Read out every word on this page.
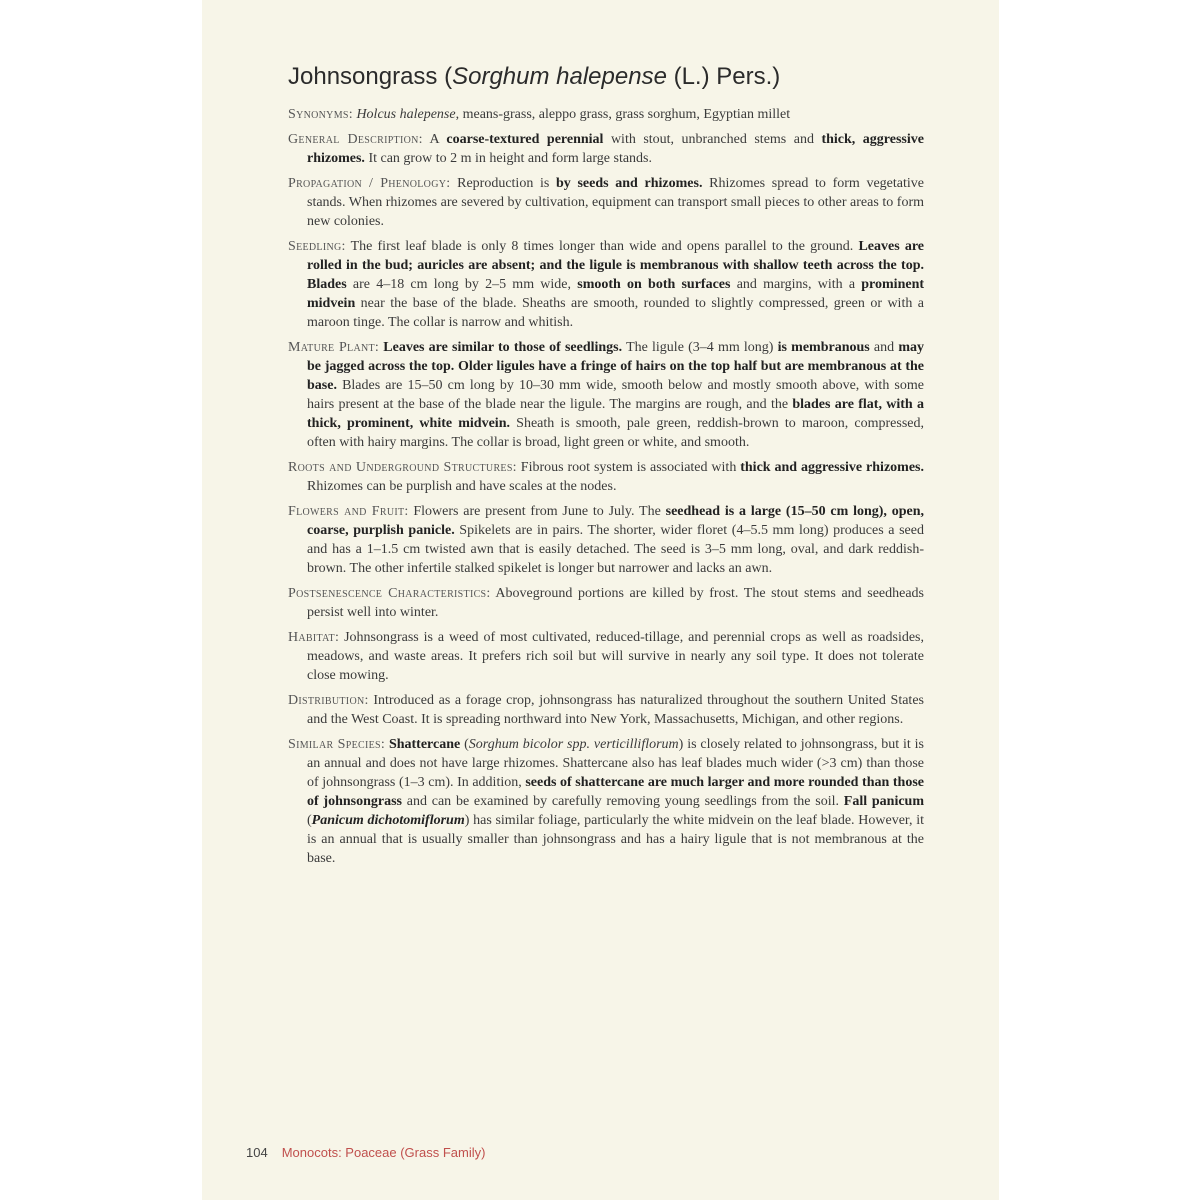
Johnsongrass (Sorghum halepense (L.) Pers.)

Synonyms: Holcus halepense, means-grass, aleppo grass, grass sorghum, Egyptian millet

General Description: A coarse-textured perennial with stout, unbranched stems and thick, aggressive rhizomes. It can grow to 2 m in height and form large stands.

Propagation / Phenology: Reproduction is by seeds and rhizomes. Rhizomes spread to form vegetative stands. When rhizomes are severed by cultivation, equipment can transport small pieces to other areas to form new colonies.

Seedling: The first leaf blade is only 8 times longer than wide and opens parallel to the ground. Leaves are rolled in the bud; auricles are absent; and the ligule is membranous with shallow teeth across the top. Blades are 4–18 cm long by 2–5 mm wide, smooth on both surfaces and margins, with a prominent midvein near the base of the blade. Sheaths are smooth, rounded to slightly compressed, green or with a maroon tinge. The collar is narrow and whitish.

Mature Plant: Leaves are similar to those of seedlings. The ligule (3–4 mm long) is membranous and may be jagged across the top. Older ligules have a fringe of hairs on the top half but are membranous at the base. Blades are 15–50 cm long by 10–30 mm wide, smooth below and mostly smooth above, with some hairs present at the base of the blade near the ligule. The margins are rough, and the blades are flat, with a thick, prominent, white midvein. Sheath is smooth, pale green, reddish-brown to maroon, compressed, often with hairy margins. The collar is broad, light green or white, and smooth.

Roots and Underground Structures: Fibrous root system is associated with thick and aggressive rhizomes. Rhizomes can be purplish and have scales at the nodes.

Flowers and Fruit: Flowers are present from June to July. The seedhead is a large (15–50 cm long), open, coarse, purplish panicle. Spikelets are in pairs. The shorter, wider floret (4–5.5 mm long) produces a seed and has a 1–1.5 cm twisted awn that is easily detached. The seed is 3–5 mm long, oval, and dark reddish-brown. The other infertile stalked spikelet is longer but narrower and lacks an awn.

Postsenescence Characteristics: Aboveground portions are killed by frost. The stout stems and seedheads persist well into winter.

Habitat: Johnsongrass is a weed of most cultivated, reduced-tillage, and perennial crops as well as roadsides, meadows, and waste areas. It prefers rich soil but will survive in nearly any soil type. It does not tolerate close mowing.

Distribution: Introduced as a forage crop, johnsongrass has naturalized throughout the southern United States and the West Coast. It is spreading northward into New York, Massachusetts, Michigan, and other regions.

Similar Species: Shattercane (Sorghum bicolor spp. verticilliflorum) is closely related to johnsongrass, but it is an annual and does not have large rhizomes. Shattercane also has leaf blades much wider (>3 cm) than those of johnsongrass (1–3 cm). In addition, seeds of shattercane are much larger and more rounded than those of johnsongrass and can be examined by carefully removing young seedlings from the soil. Fall panicum (Panicum dichotomiflorum) has similar foliage, particularly the white midvein on the leaf blade. However, it is an annual that is usually smaller than johnsongrass and has a hairy ligule that is not membranous at the base.

104 Monocots: Poaceae (Grass Family)
